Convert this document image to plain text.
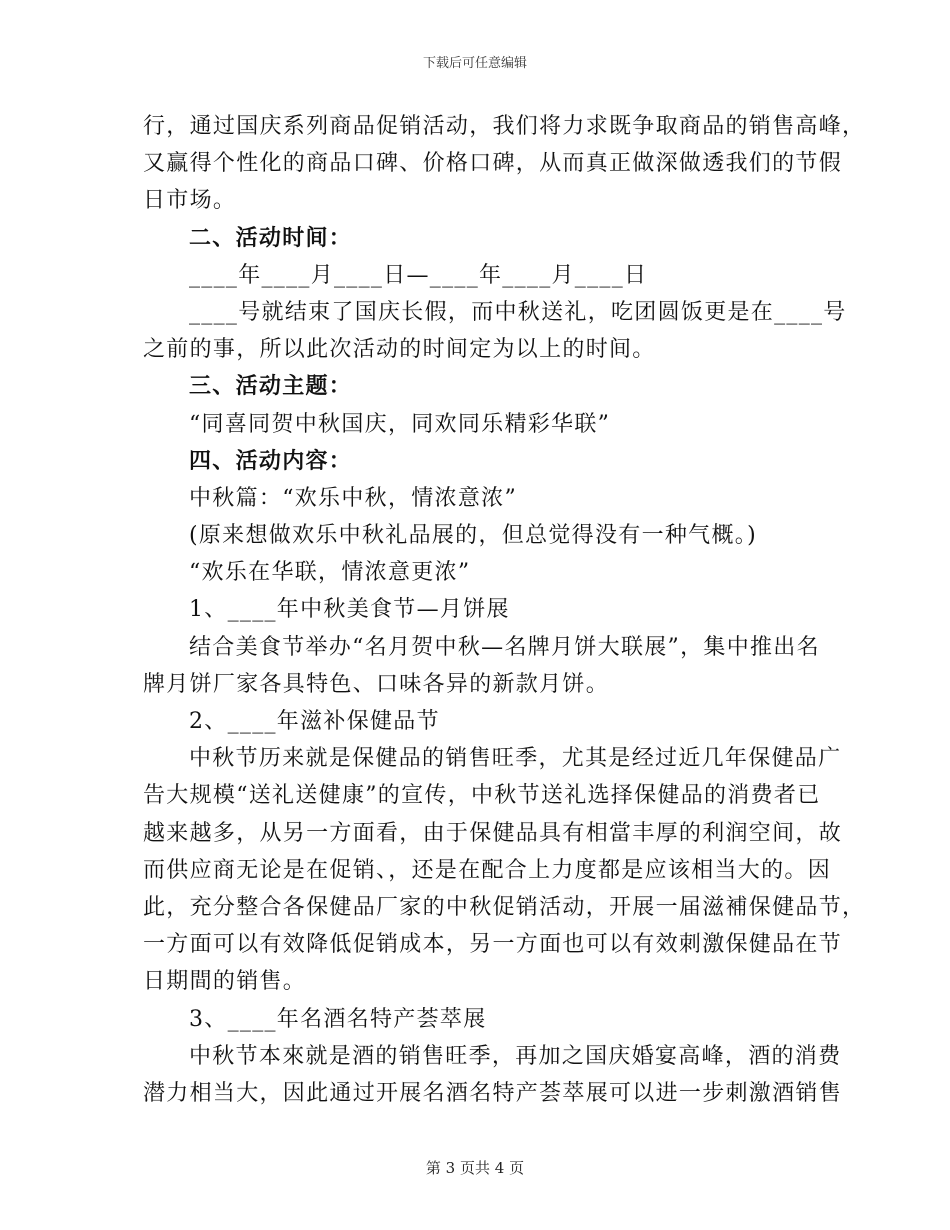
下载后可任意编辑
行，通过国庆系列商品促销活动，我们将力求既争取商品的销售高峰，
又赢得个性化的商品口碑、价格口碑，从而真正做深做透我们的节假
日市场。
二、活动时间：
____年____月____日—____年____月____日
____号就结束了国庆长假，而中秋送礼，吃团圆饭更是在____号
之前的事，所以此次活动的时间定为以上的时间。
三、活动主题：
“同喜同贺中秋国庆，同欢同乐精彩华联”
四、活动内容：
中秋篇：“欢乐中秋，情浓意浓”
(原来想做欢乐中秋礼品展的，但总觉得没有一种气概。)
“欢乐在华联，情浓意更浓”
1、____年中秋美食节—月饼展
结合美食节举办“名月贺中秋—名牌月饼大联展”，集中推出名
牌月饼厂家各具特色、口味各异的新款月饼。
2、____年滋补保健品节
中秋节历来就是保健品的销售旺季，尤其是经过近几年保健品广
告大规模“送礼送健康”的宣传，中秋节送礼选择保健品的消费者已
越来越多，从另一方面看，由于保健品具有相當丰厚的利润空间，故
而供应商无论是在促销、，还是在配合上力度都是应该相当大的。因
此，充分整合各保健品厂家的中秋促销活动，开展一届滋補保健品节，
一方面可以有效降低促销成本，另一方面也可以有效刺激保健品在节
日期間的销售。
3、____年名酒名特产荟萃展
中秋节本來就是酒的销售旺季，再加之国庆婚宴高峰，酒的消费
潜力相当大，因此通过开展名酒名特产荟萃展可以进一步刺激酒销售
第 3 页共 4 页
